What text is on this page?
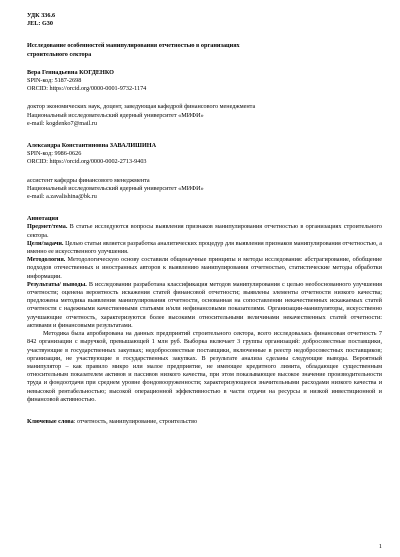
УДК 336.6
JEL: G30
Исследование особенностей манипулирования отчетностью в организациях
строительного сектора
Вера Геннадьевна КОГДЕНКО
SPIN-код: 5187-2698
ORCID: https://orcid.org/0000-0001-9732-1174
доктор экономических наук, доцент, заведующая кафедрой финансового менеджмента
Национальный исследовательский ядерный университет «МИФИ»
e-mail: kogdenko7@mail.ru
Александра Константиновна ЗАВАЛИШИНА
SPIN-код: 9986-0626
ORCID: https://orcid.org/0000-0002-2713-9403
ассистент кафедры финансового менеджмента
Национальный исследовательский ядерный университет «МИФИ»
e-mail: a.zavalishina@bk.ru
Аннотация

Предмет/тема. В статье исследуются вопросы выявления признаков манипулирования отчетностью в организациях строительного сектора.

Цели/задачи. Целью статьи является разработка аналитических процедур для выявления признаков манипулирования отчетностью, а именно ее искусственного улучшения.

Методология. Методологическую основу составили общенаучные принципы и методы исследования: абстрагирование, обобщение подходов отечественных и иностранных авторов к выявлению манипулирования отчетностью, статистические методы обработки информации.

Результаты/ выводы. В исследовании разработана классификация методов манипулирования с целью необоснованного улучшения отчетности; оценена вероятность искажения статей финансовой отчетности; выявлены элементы отчетности низкого качества; предложена методика выявления манипулирования отчетности, основанная на сопоставлении некачественных искажаемых статей отчетности с надежными качественными статьями и/или нефинансовыми показателями. Организации-манипуляторы, искусственно улучшающие отчетность, характеризуются более высокими относительными величинами некачественных статей отчетности: активами и финансовыми результатами.

Методика была апробирована на данных предприятий строительного сектора, всего исследовалась финансовая отчетность 7 842 организации с выручкой, превышающей 1 млн руб. Выборка включает 3 группы организаций: добросовестные поставщики, участвующие в государственных закупках; недобросовестные поставщики, включенные в реестр недобросовестных поставщиков; организации, не участвующие в государственных закупках. В результате анализа сделаны следующие выводы. Вероятный манипулятор – как правило микро или малое предприятие, не имеющее кредитного лимита, обладающее существенным относительным показателем активов и пассивов низкого качества, при этом показывающее высокое значение производительности труда и фондоотдачи при среднем уровне фондовооруженности; характеризующееся значительными расходами низкого качества и невысокой рентабельностью; высокой операционной эффективностью в части отдачи на ресурсы и низкой инвестиционной и финансовой активностью.

Ключевые слова: отчетность, манипулирование, строительство

1
